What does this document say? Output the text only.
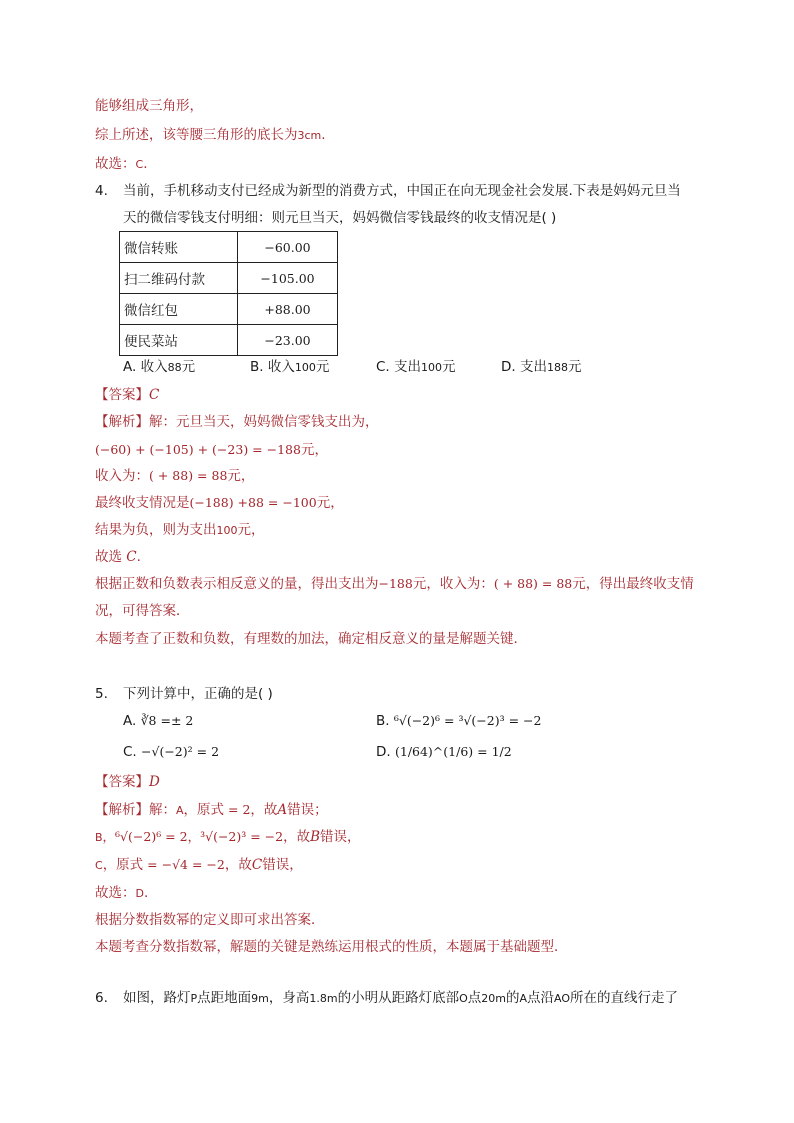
能够组成三角形，
综上所述，该等腰三角形的底长为3cm.
故选：C.
4. 当前，手机移动支付已经成为新型的消费方式，中国正在向无现金社会发展.下表是妈妈元旦当
天的微信零钱支付明细：则元旦当天，妈妈微信零钱最终的收支情况是( )
微信转账	−60.00
扫二维码付款	−105.00
微信红包	+88.00
便民菜站	−23.00
A. 收入88元	B. 收入100元	C. 支出100元	D. 支出188元
【答案】C
【解析】解：元旦当天，妈妈微信零钱支出为，
(−60) + (−105) + (−23) = −188元，
收入为：( + 88) = 88元，
最终收支情况是(−188) +88 = −100元，
结果为负，则为支出100元，
故选 C.
根据正数和负数表示相反意义的量，得出支出为−188元，收入为：( + 88) = 88元，得出最终收支情
况，可得答案．
本题考查了正数和负数，有理数的加法，确定相反意义的量是解题关键．
5. 下列计算中，正确的是( )
A. ∛8 =± 2	B. ⁶√(−2)⁶ = ³√(−2)³ = −2
C. −√(−2)² = 2	D. (1/64)^(1/6) = 1/2
【答案】D
【解析】解：A，原式 = 2，故A错误；
B，⁶√(−2)⁶ = 2，³√(−2)³ = −2，故B错误，
C，原式 = −√4 = −2，故C错误，
故选：D.
根据分数指数幂的定义即可求出答案．
本题考查分数指数幂，解题的关键是熟练运用根式的性质，本题属于基础题型．
6. 如图，路灯P点距地面9m，身高1.8m的小明从距路灯底部O点20m的A点沿AO所在的直线行走了
